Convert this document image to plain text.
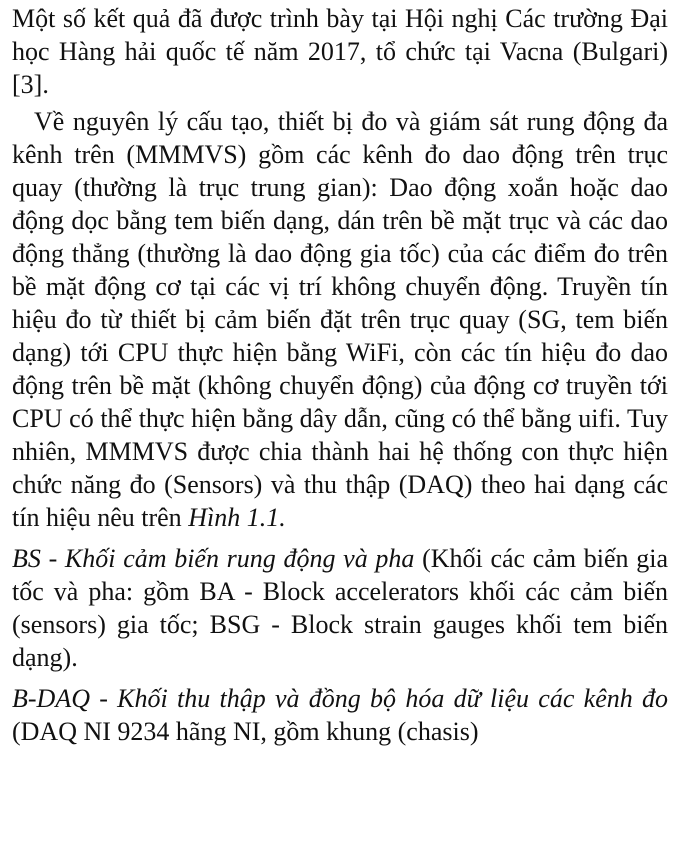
Một số kết quả đã được trình bày tại Hội nghị Các trường Đại học Hàng hải quốc tế năm 2017, tổ chức tại Vacna (Bulgari) [3].

Về nguyên lý cấu tạo, thiết bị đo và giám sát rung động đa kênh trên (MMMVS) gồm các kênh đo dao động trên trục quay (thường là trục trung gian): Dao động xoắn hoặc dao động dọc bằng tem biến dạng, dán trên bề mặt trục và các dao động thẳng (thường là dao động gia tốc) của các điểm đo trên bề mặt động cơ tại các vị trí không chuyển động. Truyền tín hiệu đo từ thiết bị cảm biến đặt trên trục quay (SG, tem biến dạng) tới CPU thực hiện bằng WiFi, còn các tín hiệu đo dao động trên bề mặt (không chuyển động) của động cơ truyền tới CPU có thể thực hiện bằng dây dẫn, cũng có thể bằng uifi. Tuy nhiên, MMMVS được chia thành hai hệ thống con thực hiện chức năng đo (Sensors) và thu thập (DAQ) theo hai dạng các tín hiệu nêu trên Hình 1.1.

BS - Khối cảm biến rung động và pha (Khối các cảm biến gia tốc và pha: gồm BA - Block accelerators khối các cảm biến (sensors) gia tốc; BSG - Block strain gauges khối tem biến dạng).

B-DAQ - Khối thu thập và đồng bộ hóa dữ liệu các kênh đo (DAQ NI 9234 hãng NI, gồm khung (chasis)
